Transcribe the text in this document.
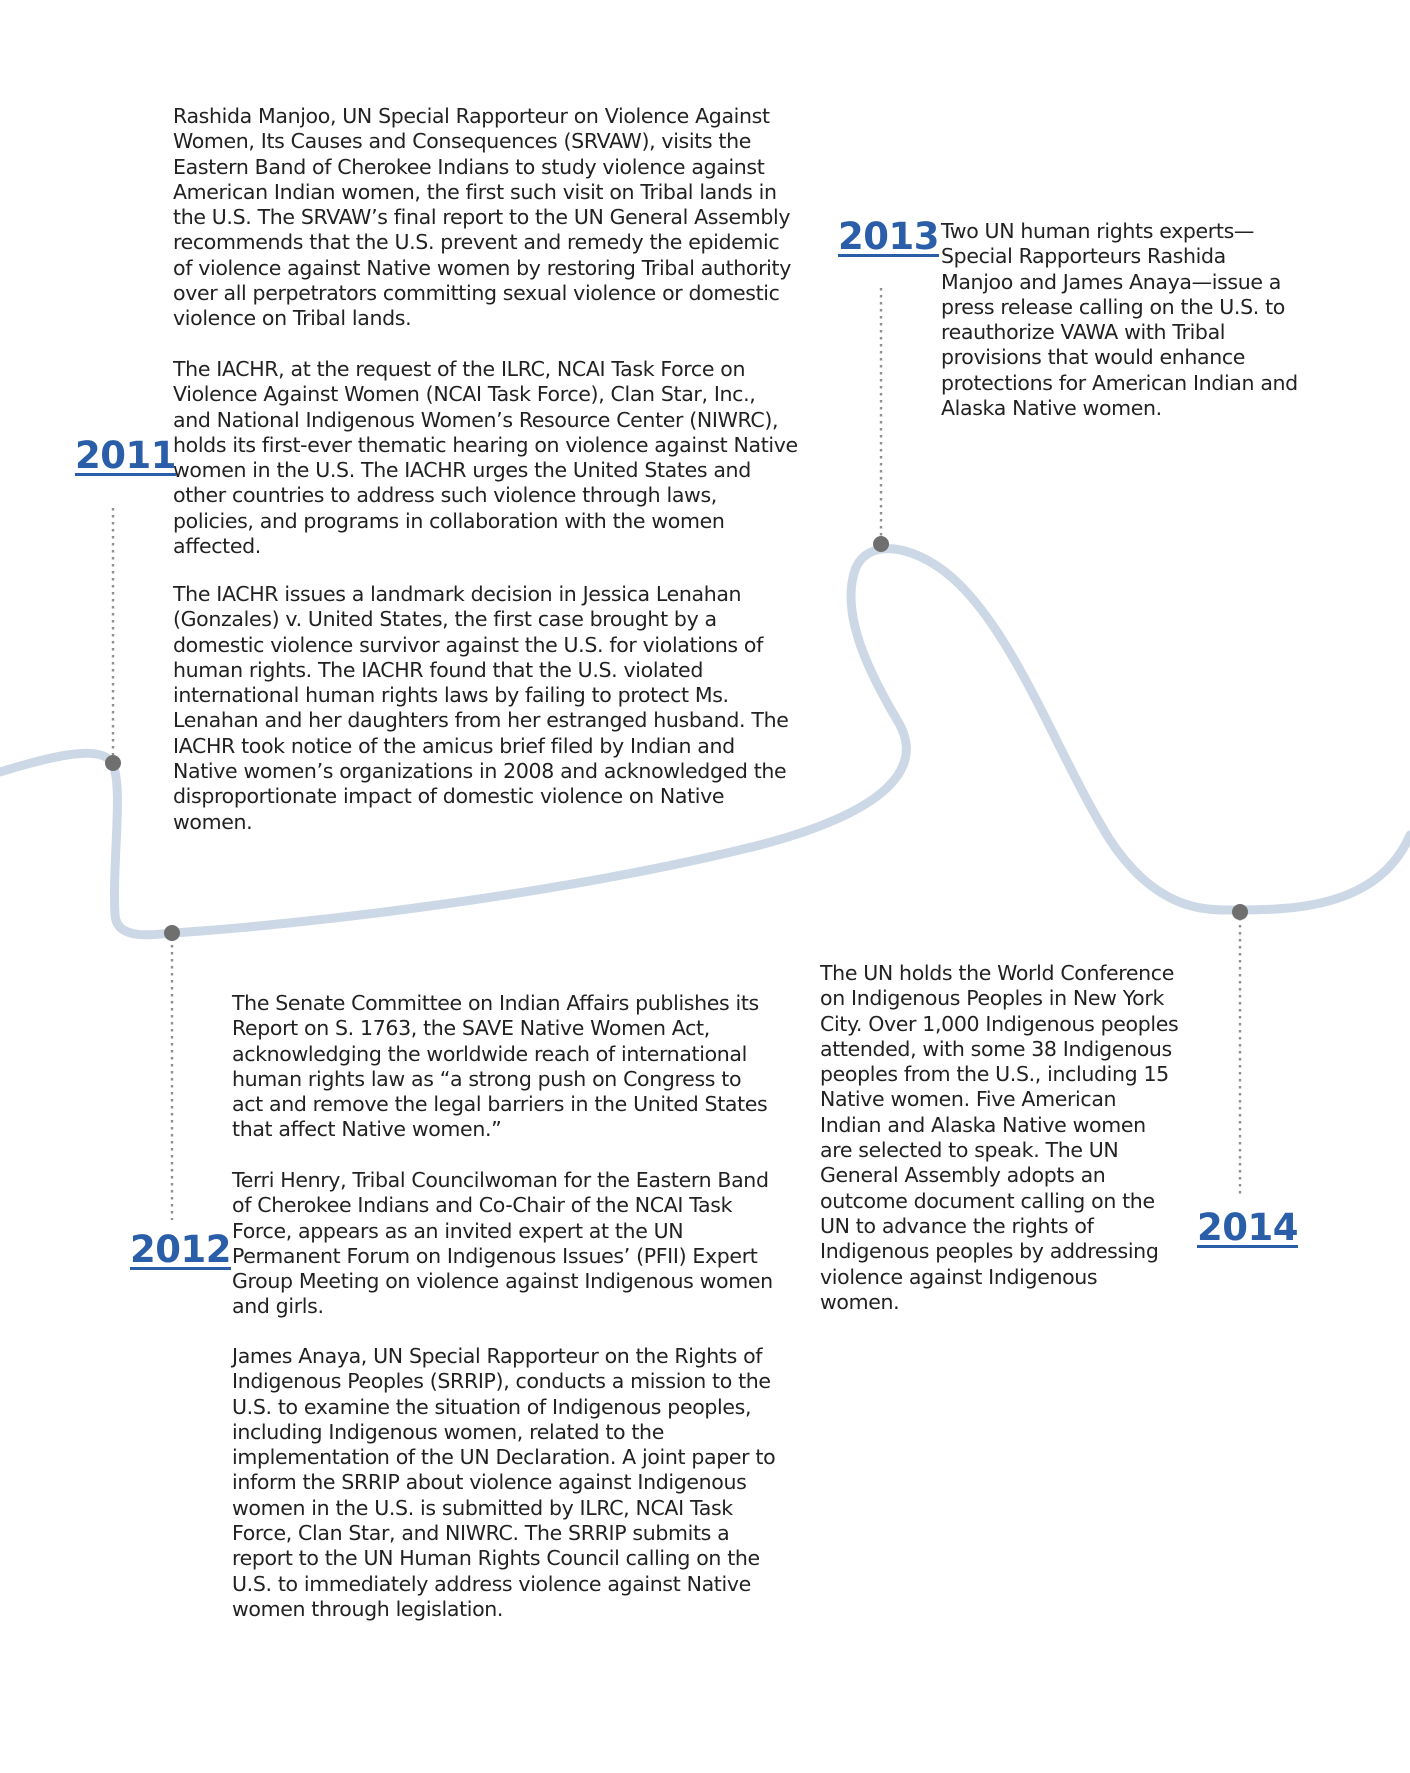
2011
2012
2013
2014

Rashida Manjoo, UN Special Rapporteur on Violence Against Women, Its Causes and Consequences (SRVAW), visits the Eastern Band of Cherokee Indians to study violence against American Indian women, the first such visit on Tribal lands in the U.S. The SRVAW’s final report to the UN General Assembly recommends that the U.S. prevent and remedy the epidemic of violence against Native women by restoring Tribal authority over all perpetrators committing sexual violence or domestic violence on Tribal lands.

The IACHR, at the request of the ILRC, NCAI Task Force on Violence Against Women (NCAI Task Force), Clan Star, Inc., and National Indigenous Women’s Resource Center (NIWRC), holds its first-ever thematic hearing on violence against Native women in the U.S. The IACHR urges the United States and other countries to address such violence through laws, policies, and programs in collaboration with the women affected.

The IACHR issues a landmark decision in Jessica Lenahan (Gonzales) v. United States, the first case brought by a domestic violence survivor against the U.S. for violations of human rights. The IACHR found that the U.S. violated international human rights laws by failing to protect Ms. Lenahan and her daughters from her estranged husband. The IACHR took notice of the amicus brief filed by Indian and Native women’s organizations in 2008 and acknowledged the disproportionate impact of domestic violence on Native women.

Two UN human rights experts—Special Rapporteurs Rashida Manjoo and James Anaya—issue a press release calling on the U.S. to reauthorize VAWA with Tribal provisions that would enhance protections for American Indian and Alaska Native women.

The Senate Committee on Indian Affairs publishes its Report on S. 1763, the SAVE Native Women Act, acknowledging the worldwide reach of international human rights law as “a strong push on Congress to act and remove the legal barriers in the United States that affect Native women.”

Terri Henry, Tribal Councilwoman for the Eastern Band of Cherokee Indians and Co-Chair of the NCAI Task Force, appears as an invited expert at the UN Permanent Forum on Indigenous Issues’ (PFII) Expert Group Meeting on violence against Indigenous women and girls.

James Anaya, UN Special Rapporteur on the Rights of Indigenous Peoples (SRRIP), conducts a mission to the U.S. to examine the situation of Indigenous peoples, including Indigenous women, related to the implementation of the UN Declaration. A joint paper to inform the SRRIP about violence against Indigenous women in the U.S. is submitted by ILRC, NCAI Task Force, Clan Star, and NIWRC. The SRRIP submits a report to the UN Human Rights Council calling on the U.S. to immediately address violence against Native women through legislation.

The UN holds the World Conference on Indigenous Peoples in New York City. Over 1,000 Indigenous peoples attended, with some 38 Indigenous peoples from the U.S., including 15 Native women. Five American Indian and Alaska Native women are selected to speak. The UN General Assembly adopts an outcome document calling on the UN to advance the rights of Indigenous peoples by addressing violence against Indigenous women.
